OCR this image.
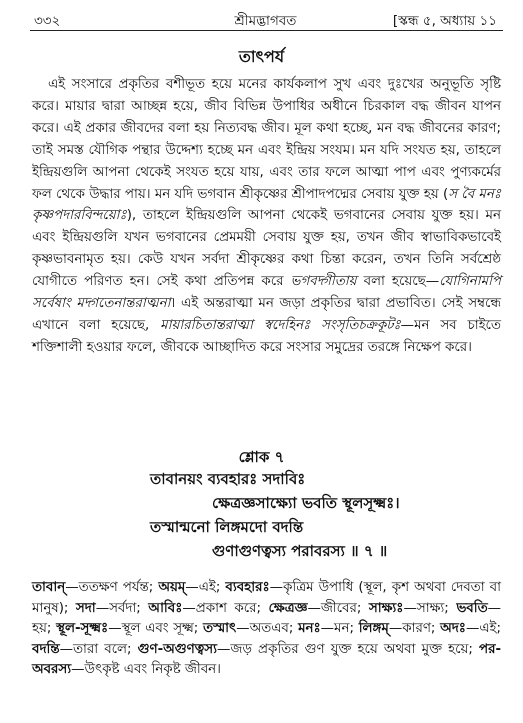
৩৩২	শ্রীমদ্ভাগবত	[স্কন্ধ ৫, অধ্যায় ১১
তাৎপর্য

এই সংসারে প্রকৃতির বশীভূত হয়ে মনের কার্যকলাপ সুখ এবং দুঃখের অনুভূতি সৃষ্টি করে। মায়ার দ্বারা আচ্ছন্ন হয়ে, জীব বিভিন্ন উপাধির অধীনে চিরকাল বদ্ধ জীবন যাপন করে। এই প্রকার জীবদের বলা হয় নিত্যবদ্ধ জীব। মূল কথা হচ্ছে, মন বদ্ধ জীবনের কারণ; তাই সমস্ত যৌগিক পন্থার উদ্দেশ্য হচ্ছে মন এবং ইন্দ্রিয় সংযম। মন যদি সংযত হয়, তাহলে ইন্দ্রিয়গুলি আপনা থেকেই সংযত হয়ে যায়, এবং তার ফলে আত্মা পাপ এবং পুণ্যকর্মের ফল থেকে উদ্ধার পায়। মন যদি ভগবান শ্রীকৃষ্ণের শ্রীপাদপদ্মের সেবায় যুক্ত হয় (স বৈ মনঃ কৃষ্ণপদারবিন্দয়োঃ), তাহলে ইন্দ্রিয়গুলি আপনা থেকেই ভগবানের সেবায় যুক্ত হয়। মন এবং ইন্দ্রিয়গুলি যখন ভগবানের প্রেমময়ী সেবায় যুক্ত হয়, তখন জীব স্বাভাবিকভাবেই কৃষ্ণভাবনামৃত হয়। কেউ যখন সর্বদা শ্রীকৃষ্ণের কথা চিন্তা করেন, তখন তিনি সর্বশ্রেষ্ঠ যোগীতে পরিণত হন। সেই কথা প্রতিপন্ন করে ভগবদ্গীতায় বলা হয়েছে—যোগিনামপি সর্বেষাং মদ্গতেনান্তরাত্মনা। এই অন্তরাত্মা মন জড়া প্রকৃতির দ্বারা প্রভাবিত। সেই সম্বন্ধে এখানে বলা হয়েছে, মায়ারচিতান্তরাত্মা স্বদেহিনঃ সংসৃতিচক্রকূটঃ—মন সব চাইতে শক্তিশালী হওয়ার ফলে, জীবকে আচ্ছাদিত করে সংসার সমুদ্রের তরঙ্গে নিক্ষেপ করে।

শ্লোক ৭
তাবানয়ং ব্যবহারঃ সদাবিঃ
ক্ষেত্রজ্ঞসাক্ষ্যো ভবতি স্থূলসূক্ষ্মঃ।
তস্মান্মনো লিঙ্গমদো বদন্তি
গুণাগুণত্বস্য পরাবরস্য ॥ ৭ ॥
তাবান্—ততক্ষণ পর্যন্ত; অয়ম্—এই; ব্যবহারঃ—কৃত্রিম উপাধি (স্থূল, কৃশ অথবা দেবতা বা মানুষ); সদা—সর্বদা; আবিঃ—প্রকাশ করে; ক্ষেত্রজ্ঞ—জীবের; সাক্ষ্যঃ—সাক্ষ্য; ভবতি—হয়; স্থূল-সূক্ষ্মঃ—স্থূল এবং সূক্ষ্ম; তস্মাৎ—অতএব; মনঃ—মন; লিঙ্গম্—কারণ; অদঃ—এই; বদন্তি—তারা বলে; গুণ-অগুণত্বস্য—জড় প্রকৃতির গুণ যুক্ত হয়ে অথবা মুক্ত হয়ে; পর-অবরস্য—উৎকৃষ্ট এবং নিকৃষ্ট জীবন।
